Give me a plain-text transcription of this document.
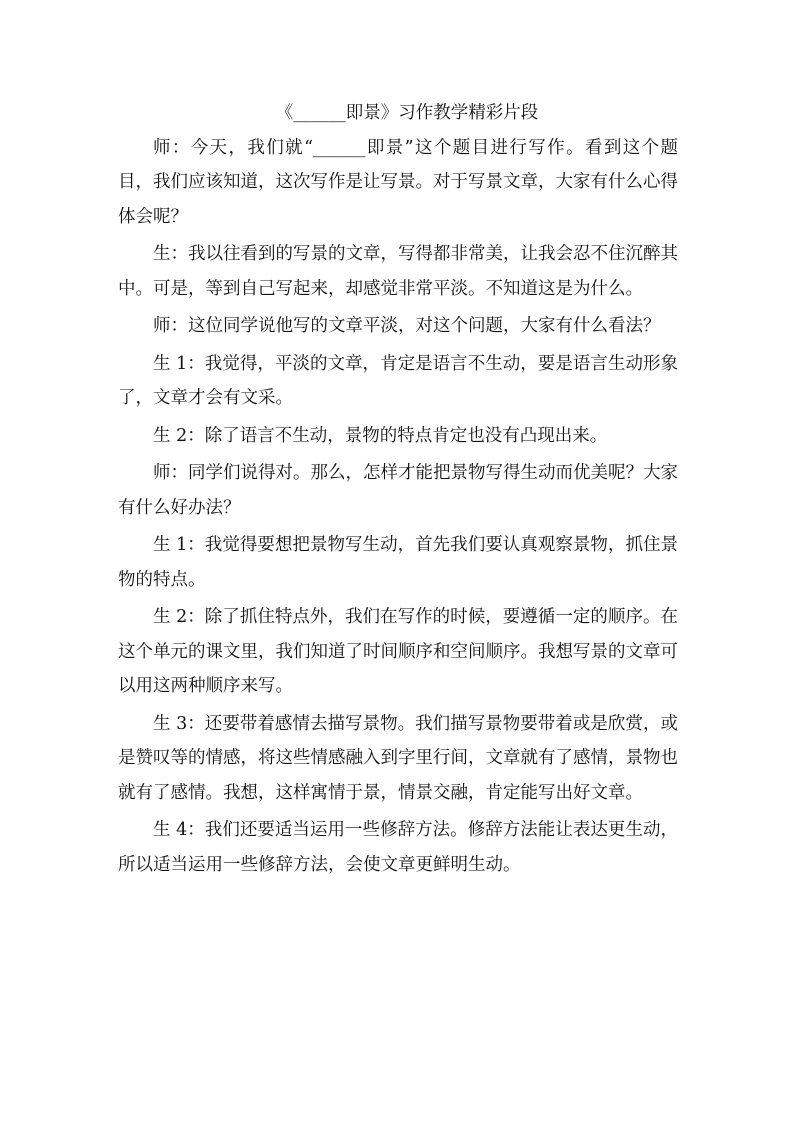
《______即景》习作教学精彩片段

师：今天，我们就“______即景”这个题目进行写作。看到这个题目，我们应该知道，这次写作是让写景。对于写景文章，大家有什么心得体会呢？

生：我以往看到的写景的文章，写得都非常美，让我会忍不住沉醉其中。可是，等到自己写起来，却感觉非常平淡。不知道这是为什么。

师：这位同学说他写的文章平淡，对这个问题，大家有什么看法？

生 1：我觉得，平淡的文章，肯定是语言不生动，要是语言生动形象了，文章才会有文采。

生 2：除了语言不生动，景物的特点肯定也没有凸现出来。

师：同学们说得对。那么，怎样才能把景物写得生动而优美呢？大家有什么好办法？

生 1：我觉得要想把景物写生动，首先我们要认真观察景物，抓住景物的特点。

生 2：除了抓住特点外，我们在写作的时候，要遵循一定的顺序。在这个单元的课文里，我们知道了时间顺序和空间顺序。我想写景的文章可以用这两种顺序来写。

生 3：还要带着感情去描写景物。我们描写景物要带着或是欣赏，或是赞叹等的情感，将这些情感融入到字里行间，文章就有了感情，景物也就有了感情。我想，这样寓情于景，情景交融，肯定能写出好文章。

生 4：我们还要适当运用一些修辞方法。修辞方法能让表达更生动，所以适当运用一些修辞方法，会使文章更鲜明生动。
